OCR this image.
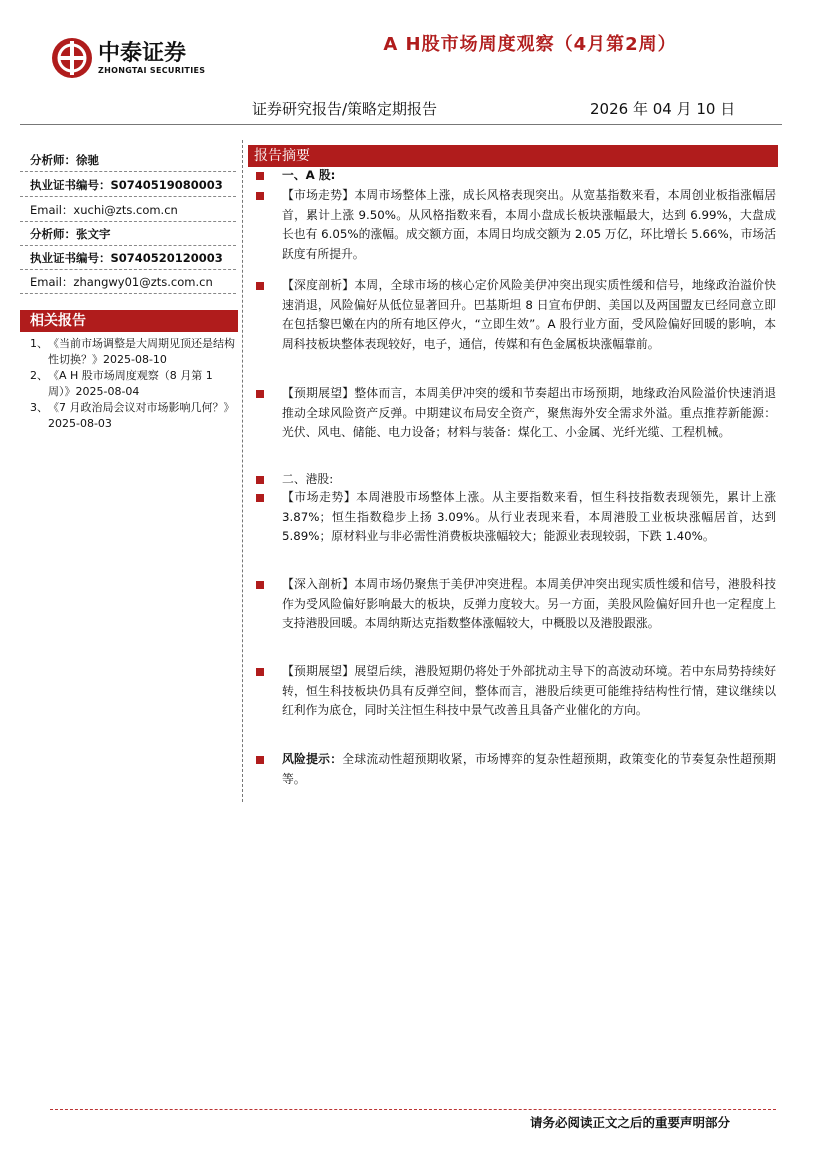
中泰证券
ZHONGTAI SECURITIES
A H股市场周度观察（4月第2周）
证券研究报告/策略定期报告	2026 年 04 月 10 日
分析师：徐驰
执业证书编号：S0740519080003
Email：xuchi@zts.com.cn
分析师：张文宇
执业证书编号：S0740520120003
Email：zhangwy01@zts.com.cn
相关报告
1、 《当前市场调整是大周期见顶还是结构性切换？》2025-08-10
2、 《A H 股市场周度观察（8 月第 1 周）》2025-08-04
3、 《7 月政治局会议对市场影响几何？》2025-08-03
报告摘要
一、A 股:
【市场走势】本周市场整体上涨，成长风格表现突出。从宽基指数来看，本周创业板指涨幅居首，累计上涨 9.50%。从风格指数来看，本周小盘成长板块涨幅最大，达到 6.99%，大盘成长也有 6.05%的涨幅。成交额方面，本周日均成交额为 2.05 万亿，环比增长 5.66%，市场活跃度有所提升。
【深度剖析】本周，全球市场的核心定价风险美伊冲突出现实质性缓和信号，地缘政治溢价快速消退，风险偏好从低位显著回升。巴基斯坦 8 日宣布伊朗、美国以及两国盟友已经同意立即在包括黎巴嫩在内的所有地区停火，“立即生效”。A 股行业方面，受风险偏好回暖的影响，本周科技板块整体表现较好，电子，通信，传媒和有色金属板块涨幅靠前。
【预期展望】整体而言，本周美伊冲突的缓和节奏超出市场预期，地缘政治风险溢价快速消退推动全球风险资产反弹。中期建议布局安全资产，聚焦海外安全需求外溢。重点推荐新能源：光伏、风电、储能、电力设备；材料与装备：煤化工、小金属、光纤光缆、工程机械。
二、港股:
【市场走势】本周港股市场整体上涨。从主要指数来看，恒生科技指数表现领先，累计上涨 3.87%；恒生指数稳步上扬 3.09%。从行业表现来看，本周港股工业板块涨幅居首，达到 5.89%；原材料业与非必需性消费板块涨幅较大；能源业表现较弱，下跌 1.40%。
【深入剖析】本周市场仍聚焦于美伊冲突进程。本周美伊冲突出现实质性缓和信号，港股科技作为受风险偏好影响最大的板块，反弹力度较大。另一方面，美股风险偏好回升也一定程度上支持港股回暖。本周纳斯达克指数整体涨幅较大，中概股以及港股跟涨。
【预期展望】展望后续，港股短期仍将处于外部扰动主导下的高波动环境。若中东局势持续好转，恒生科技板块仍具有反弹空间，整体而言，港股后续更可能维持结构性行情，建议继续以红利作为底仓，同时关注恒生科技中景气改善且具备产业催化的方向。
风险提示：全球流动性超预期收紧，市场博弈的复杂性超预期，政策变化的节奏复杂性超预期等。
请务必阅读正文之后的重要声明部分
